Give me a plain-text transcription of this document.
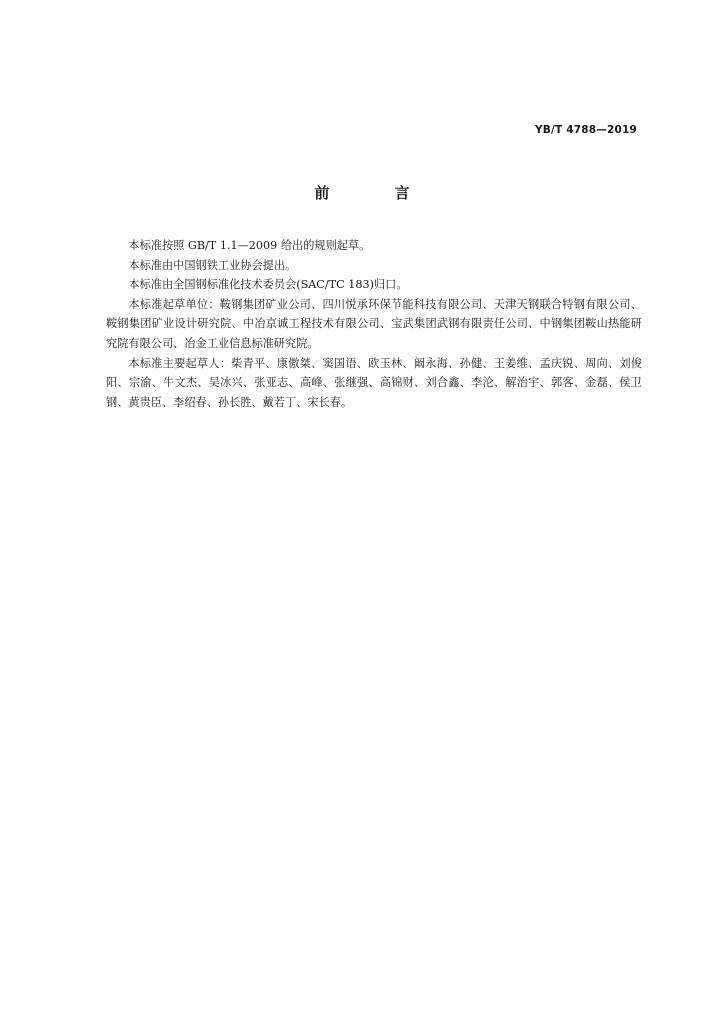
YB/T 4788—2019
前 言

本标准按照 GB/T 1.1—2009 给出的规则起草。

本标准由中国钢铁工业协会提出。

本标准由全国钢标准化技术委员会(SAC/TC 183)归口。

本标准起草单位：鞍钢集团矿业公司、四川悦承环保节能科技有限公司、天津天钢联合特钢有限公司、鞍钢集团矿业设计研究院、中冶京诚工程技术有限公司、宝武集团武钢有限责任公司、中钢集团鞍山热能研究院有限公司、冶金工业信息标准研究院。

本标准主要起草人：柴青平、康傲桀、窦国语、欧玉林、阚永海、孙健、王姜维、孟庆锐、周向、刘俊阳、宗渝、牛文杰、吴冰兴、张亚志、高峰、张继强、高锦财、刘合鑫、李沦、解治宇、郭客、金磊、侯卫钢、黄贵臣、李绍春、孙长胜、戴若丁、宋长春。
